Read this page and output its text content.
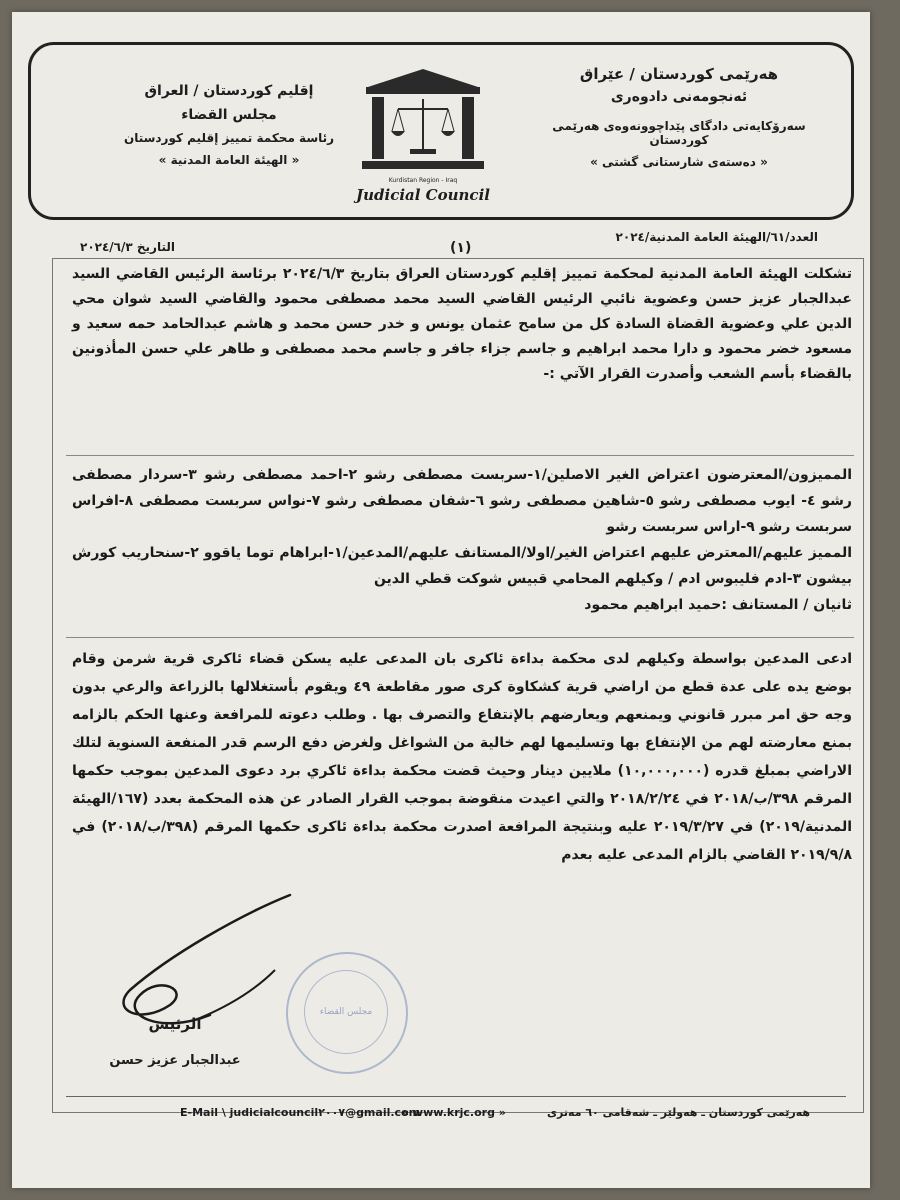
هەرێمی کوردستان / عێراق
ئەنجومەنی دادوەری
سەرۆکایەتی دادگای پێداچوونەوەی هەرێمی کوردستان
« دەستەی شارستانی گشتی »
Kurdistan Region - Iraq
Judicial Council
إقليم كوردستان / العراق
مجلس القضاء
رئاسة محكمة تمييز إقليم كوردستان
« الهيئة العامة المدنية »
العدد/٦١/الهيئة العامة المدنية/٢٠٢٤
(١)
التاريخ ٢٠٢٤/٦/٣

تشكلت الهيئة العامة المدنية لمحكمة تمييز إقليم كوردستان العراق بتاريخ ٢٠٢٤/٦/٣ برئاسة الرئيس القاضي السيد عبدالجبار عزيز حسن وعضوية نائبي الرئيس القاضي السيد محمد مصطفى محمود والقاضي السيد شوان محي الدين علي وعضوية القضاة السادة كل من سامح عثمان يونس و خدر حسن محمد و هاشم عبدالحامد حمه سعيد و مسعود خضر محمود و دارا محمد ابراهيم و جاسم جزاء جافر و جاسم محمد مصطفى و طاهر علي حسن المأذونين بالقضاء بأسم الشعب وأصدرت القرار الآتي :-

المميزون/المعترضون اعتراض الغير الاصلين/١-سربست مصطفى رشو ٢-احمد مصطفى رشو ٣-سردار مصطفى رشو ٤- ايوب مصطفى رشو ٥-شاهين مصطفى رشو ٦-شفان مصطفى رشو ٧-نواس سربست مصطفى ٨-افراس سربست رشو ٩-اراس سربست رشو

المميز عليهم/المعترض عليهم اعتراض الغير/اولا/المستانف عليهم/المدعين/١-ابراهام توما ياقوو ٢-سنحاريب كورش بيشون ٣-ادم فليبوس ادم / وكيلهم المحامي قبيس شوكت قطي الدين

ثانيان / المستانف :حميد ابراهيم محمود

ادعى المدعين بواسطة وكيلهم لدى محكمة بداءة ئاكرى بان المدعى عليه يسكن قضاء ئاكرى قرية شرمن وقام بوضع يده على عدة قطع من اراضي قرية كشكاوة كرى صور مقاطعة ٤٩ ويقوم بأستغلالها بالزراعة والرعي بدون وجه حق امر مبرر قانوني ويمنعهم ويعارضهم بالإنتفاع والتصرف بها . وطلب دعوته للمرافعة وعنها الحكم بالزامه بمنع معارضته لهم من الإنتفاع بها وتسليمها لهم خالية من الشواغل ولغرض دفع الرسم قدر المنفعة السنوية لتلك الاراضي بمبلغ قدره (١٠,٠٠٠,٠٠٠) ملايين دينار وحيث قضت محكمة بداءة ئاكري برد دعوى المدعين بموجب حكمها المرقم ٣٩٨/ب/٢٠١٨ في ٢٠١٨/٢/٢٤ والتي اعيدت منقوضة بموجب القرار الصادر عن هذه المحكمة بعدد (١٦٧/الهيئة المدنية/٢٠١٩) في ٢٠١٩/٣/٢٧ عليه وبنتيجة المرافعة اصدرت محكمة بداءة ئاكرى حكمها المرقم (٣٩٨/ب/٢٠١٨) في ٢٠١٩/٩/٨ القاضي بالزام المدعى عليه بعدم

مجلس القضاء
الرئيس
عبدالجبار عزيز حسن
E-Mail \ judicialcouncil٢٠٠٧@gmail.com
« www.krjc.org »	هەرێمی کوردستان ـ هەولێر ـ شەقامی ٦٠ مەتری
